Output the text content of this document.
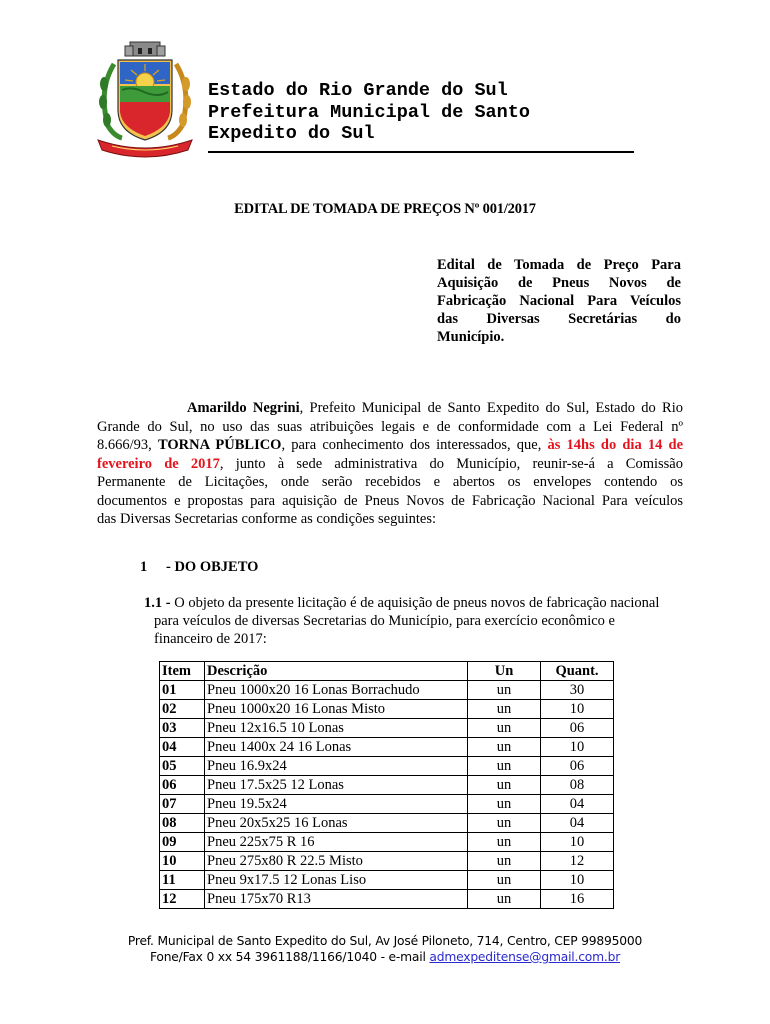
Estado do Rio Grande do Sul
Prefeitura Municipal de Santo
Expedito do Sul
EDITAL DE TOMADA DE PREÇOS Nº 001/2017
Edital de Tomada de Preço Para
Aquisição de Pneus Novos de
Fabricação Nacional Para Veículos
das Diversas Secretárias do
Município.
Amarildo Negrini, Prefeito Municipal de Santo Expedito do Sul, Estado do Rio
Grande do Sul, no uso das suas atribuições legais e de conformidade com a Lei Federal nº
8.666/93, TORNA PÚBLICO, para conhecimento dos interessados, que, às 14hs do dia 14 de
fevereiro de 2017, junto à sede administrativa do Município, reunir-se-á a Comissão
Permanente de Licitações, onde serão recebidos e abertos os envelopes contendo os
documentos e propostas para aquisição de Pneus Novos de Fabricação Nacional Para veículos
das Diversas Secretarias conforme as condições seguintes:
1 - DO OBJETO
1.1 - O objeto da presente licitação é de aquisição de pneus novos de fabricação nacional
para veículos de diversas Secretarias do Município, para exercício econômico e
financeiro de 2017:
Item	Descrição	Un	Quant.
01	Pneu 1000x20 16 Lonas Borrachudo	un	30
02	Pneu 1000x20 16 Lonas Misto	un	10
03	Pneu 12x16.5 10 Lonas	un	06
04	Pneu 1400x 24 16 Lonas	un	10
05	Pneu 16.9x24	un	06
06	Pneu 17.5x25 12 Lonas	un	08
07	Pneu 19.5x24	un	04
08	Pneu 20x5x25 16 Lonas	un	04
09	Pneu 225x75 R 16	un	10
10	Pneu 275x80 R 22.5 Misto	un	12
11	Pneu 9x17.5 12 Lonas Liso	un	10
12	Pneu 175x70 R13	un	16
Pref. Municipal de Santo Expedito do Sul, Av José Piloneto, 714, Centro, CEP 99895000
Fone/Fax 0 xx 54 3961188/1166/1040 - e-mail admexpeditense@gmail.com.br
